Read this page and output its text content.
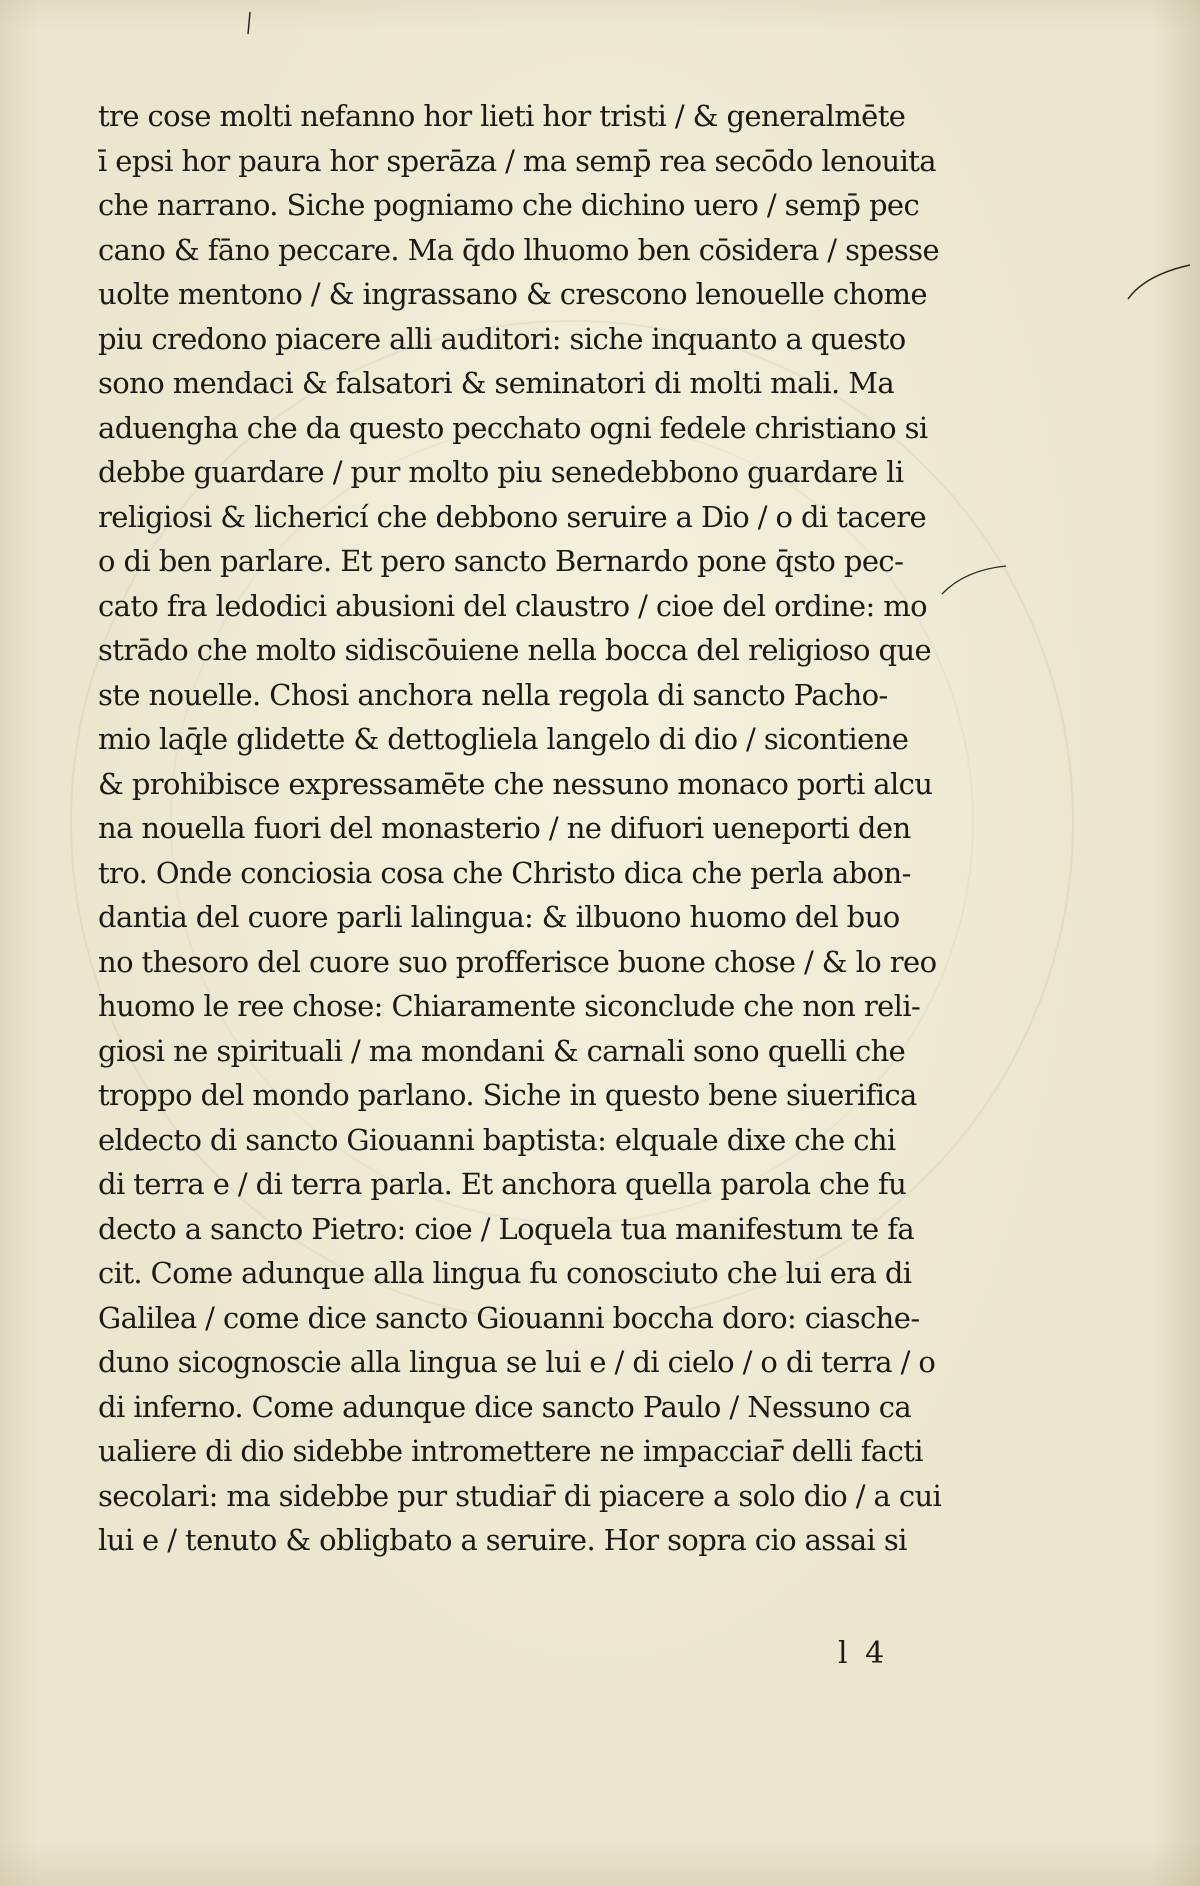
tre cose molti nefanno hor lieti hor tristi / & generalmēte
ī epsi hor paura hor sperāza / ma semp̄ rea secōdo lenouita
che narrano. Siche pogniamo che dichino uero / semp̄ pec
cano & fāno peccare. Ma q̄do lhuomo ben cōsidera / spesse
uolte mentono / & ingrassano & crescono lenouelle chome
piu credono piacere alli auditori: siche inquanto a questo
sono mendaci & falsatori & seminatori di molti mali. Ma
aduengha che da questo pecchato ogni fedele christiano si
debbe guardare / pur molto piu senedebbono guardare li
religiosi & lichericí che debbono seruire a Dio / o di tacere
o di ben parlare. Et pero sancto Bernardo pone q̄sto pec-
cato fra ledodici abusioni del claustro / cioe del ordine: mo
strādo che molto sidiscōuiene nella bocca del religioso que
ste nouelle. Chosi anchora nella regola di sancto Pacho-
mio laq̄le glidette & dettogliela langelo di dio / sicontiene
& prohibisce expressamēte che nessuno monaco porti alcu
na nouella fuori del monasterio / ne difuori ueneporti den
tro. Onde conciosia cosa che Christo dica che perla abon-
dantia del cuore parli lalingua: & ilbuono huomo del buo
no thesoro del cuore suo profferisce buone chose / & lo reo
huomo le ree chose: Chiaramente siconclude che non reli-
giosi ne spirituali / ma mondani & carnali sono quelli che
troppo del mondo parlano. Siche in questo bene siuerifica
eldecto di sancto Giouanni baptista: elquale dixe che chi
di terra e / di terra parla. Et anchora quella parola che fu
decto a sancto Pietro: cioe / Loquela tua manifestum te fa
cit. Come adunque alla lingua fu conosciuto che lui era di
Galilea / come dice sancto Giouanni boccha doro: ciasche-
duno sicognoscie alla lingua se lui e / di cielo / o di terra / o
di inferno. Come adunque dice sancto Paulo / Nessuno ca
ualiere di dio sidebbe intromettere ne impacciar̄ delli facti
secolari: ma sidebbe pur studiar̄ di piacere a solo dio / a cui
lui e / tenuto & obligbato a seruire. Hor sopra cio assai si
l 4
